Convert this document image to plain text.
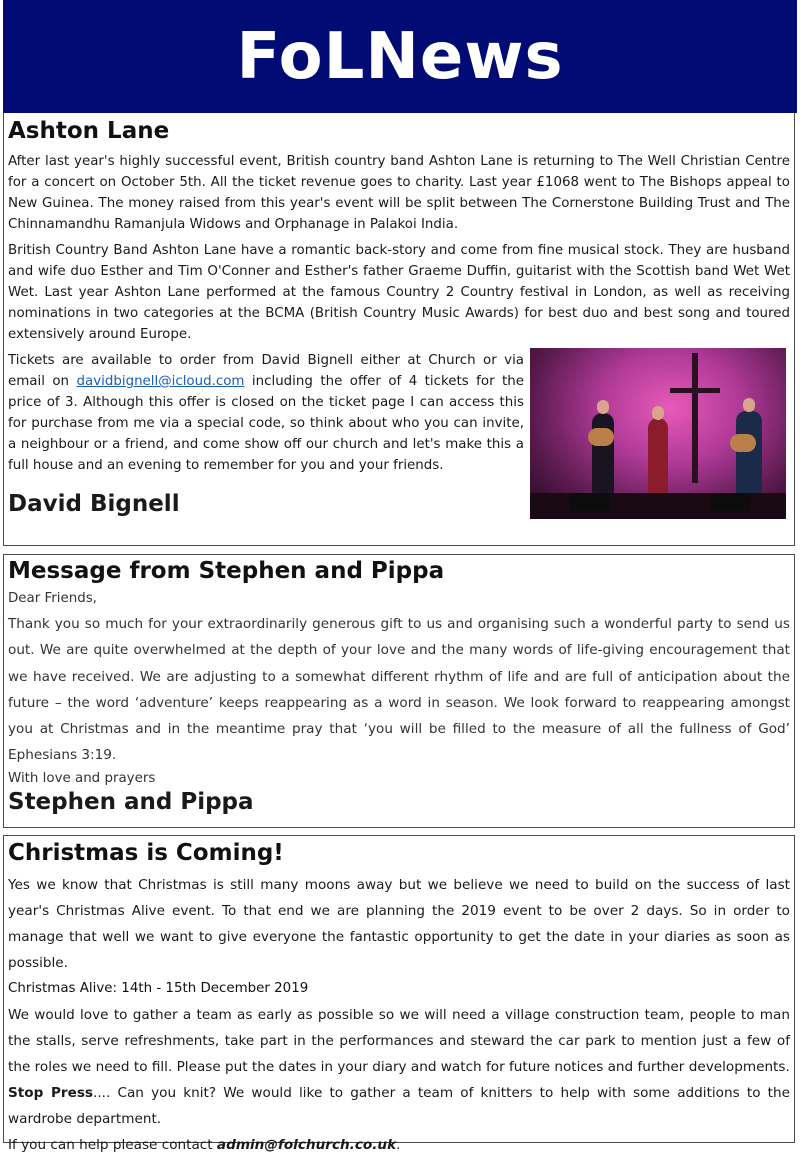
FoLNews
Ashton Lane

After last year's highly successful event, British country band Ashton Lane is returning to The Well Christian Centre for a concert on October 5th. All the ticket revenue goes to charity. Last year £1068 went to The Bishops appeal to New Guinea. The money raised from this year's event will be split between The Cornerstone Building Trust and The Chinnamandhu Ramanjula Widows and Orphanage in Palakoi India.

British Country Band Ashton Lane have a romantic back-story and come from fine musical stock. They are husband and wife duo Esther and Tim O'Conner and Esther's father Graeme Duffin, guitarist with the Scottish band Wet Wet Wet. Last year Ashton Lane performed at the famous Country 2 Country festival in London, as well as receiving nominations in two categories at the BCMA (British Country Music Awards) for best duo and best song and toured extensively around Europe.

Tickets are available to order from David Bignell either at Church or via email on davidbignell@icloud.com including the offer of 4 tickets for the price of 3. Although this offer is closed on the ticket page I can access this for purchase from me via a special code, so think about who you can invite, a neighbour or a friend, and come show off our church and let's make this a full house and an evening to remember for you and your friends.

David Bignell
Message from Stephen and Pippa
Dear Friends,

Thank you so much for your extraordinarily generous gift to us and organising such a wonderful party to send us out. We are quite overwhelmed at the depth of your love and the many words of life-giving encouragement that we have received. We are adjusting to a somewhat different rhythm of life and are full of anticipation about the future – the word ‘adventure’ keeps reappearing as a word in season. We look forward to reappearing amongst you at Christmas and in the meantime pray that ‘you will be filled to the measure of all the fullness of God’ Ephesians 3:19.

With love and prayers
Stephen and Pippa
Christmas is Coming!

Yes we know that Christmas is still many moons away but we believe we need to build on the success of last year's Christmas Alive event. To that end we are planning the 2019 event to be over 2 days. So in order to manage that well we want to give everyone the fantastic opportunity to get the date in your diaries as soon as possible.

Christmas Alive: 14th - 15th December 2019

We would love to gather a team as early as possible so we will need a village construction team, people to man the stalls, serve refreshments, take part in the performances and steward the car park to mention just a few of the roles we need to fill. Please put the dates in your diary and watch for future notices and further developments.

Stop Press.... Can you knit? We would like to gather a team of knitters to help with some additions to the wardrobe department.

If you can help please contact admin@folchurch.co.uk.
